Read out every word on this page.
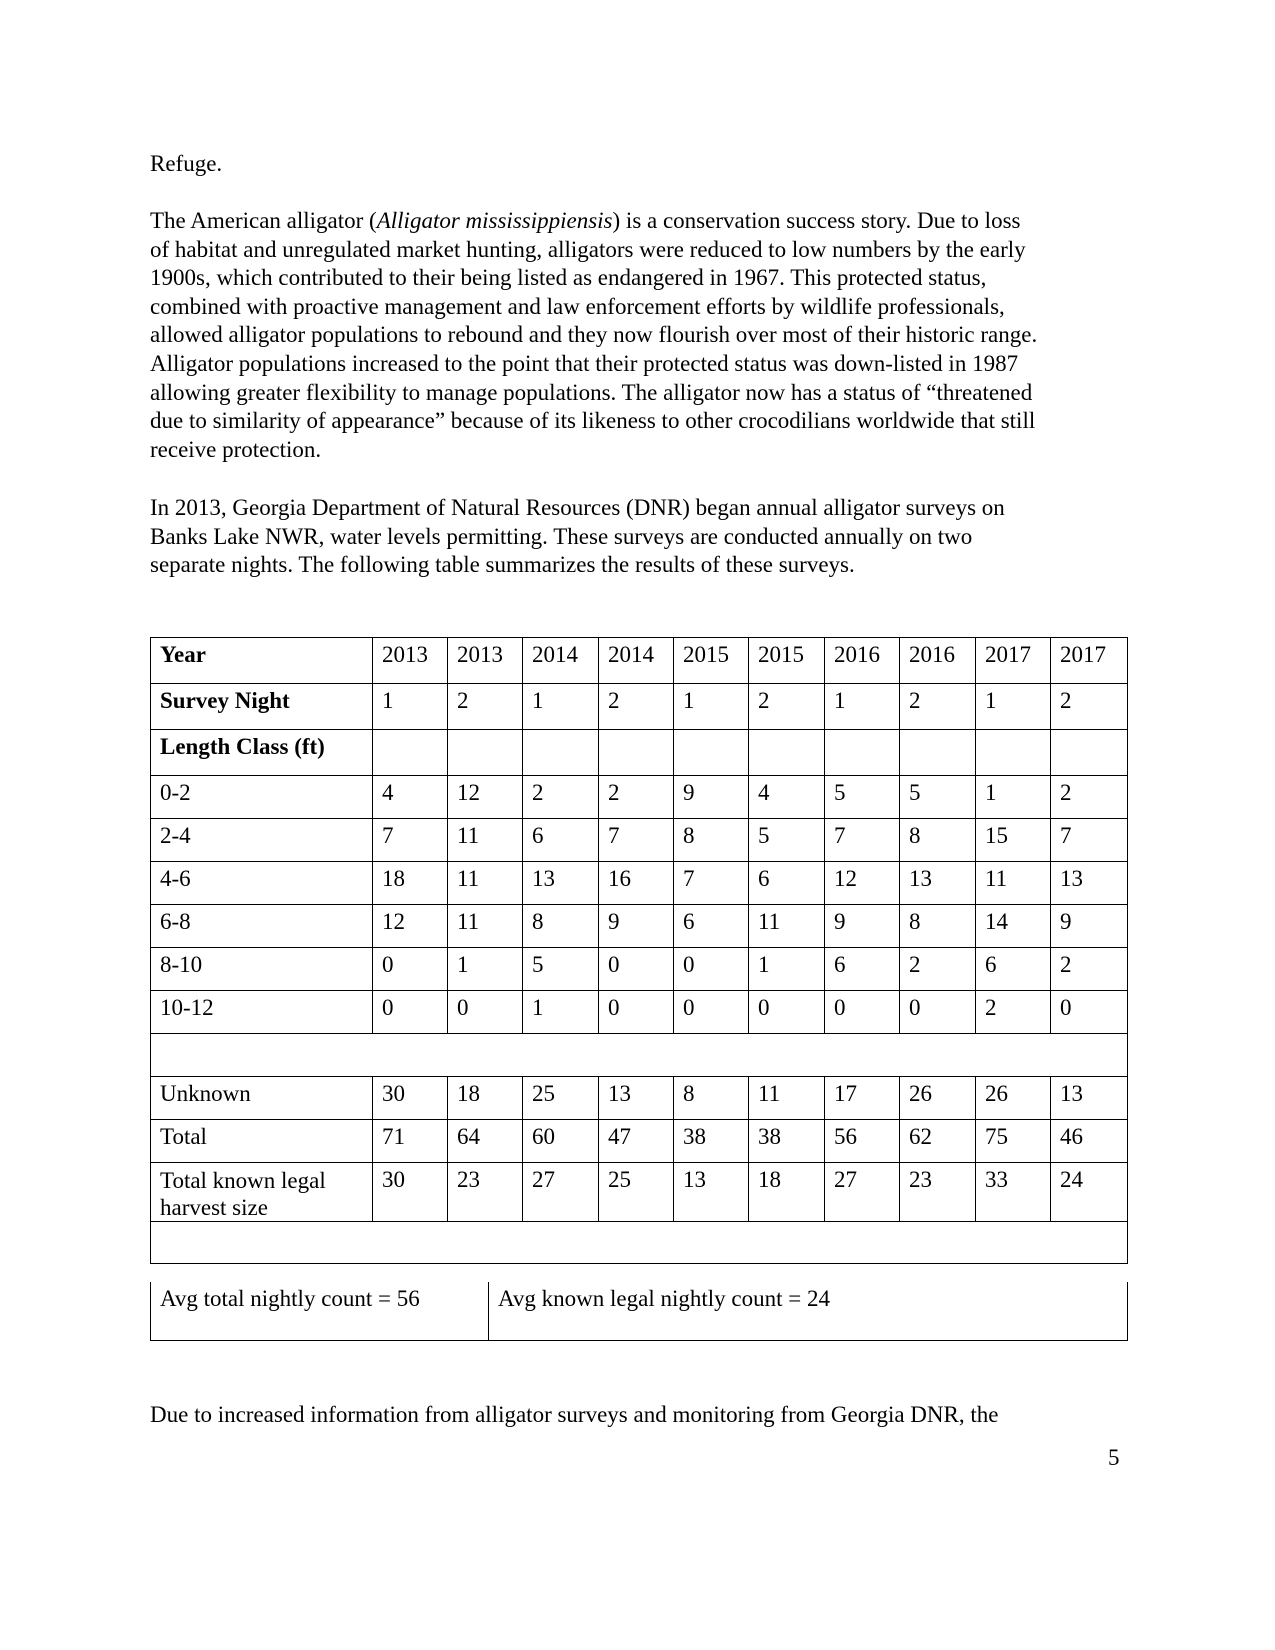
Refuge.
The American alligator (Alligator mississippiensis) is a conservation success story. Due to loss
of habitat and unregulated market hunting, alligators were reduced to low numbers by the early
1900s, which contributed to their being listed as endangered in 1967. This protected status,
combined with proactive management and law enforcement efforts by wildlife professionals,
allowed alligator populations to rebound and they now flourish over most of their historic range.
Alligator populations increased to the point that their protected status was down-listed in 1987
allowing greater flexibility to manage populations. The alligator now has a status of “threatened
due to similarity of appearance” because of its likeness to other crocodilians worldwide that still
receive protection.
In 2013, Georgia Department of Natural Resources (DNR) began annual alligator surveys on
Banks Lake NWR, water levels permitting. These surveys are conducted annually on two
separate nights. The following table summarizes the results of these surveys.
Year	2013	2013	2014	2014	2015	2015	2016	2016	2017	2017
Survey Night	1	2	1	2	1	2	1	2	1	2
Length Class (ft)										
0-2	4	12	2	2	9	4	5	5	1	2
2-4	7	11	6	7	8	5	7	8	15	7
4-6	18	11	13	16	7	6	12	13	11	13
6-8	12	11	8	9	6	11	9	8	14	9
8-10	0	1	5	0	0	1	6	2	6	2
10-12	0	0	1	0	0	0	0	0	2	0

Unknown	30	18	25	13	8	11	17	26	26	13
Total	71	64	60	47	38	38	56	62	75	46
Total known legal harvest size	30	23	27	25	13	18	27	23	33	24

Avg total nightly count = 56	Avg known legal nightly count = 24
Due to increased information from alligator surveys and monitoring from Georgia DNR, the
5
